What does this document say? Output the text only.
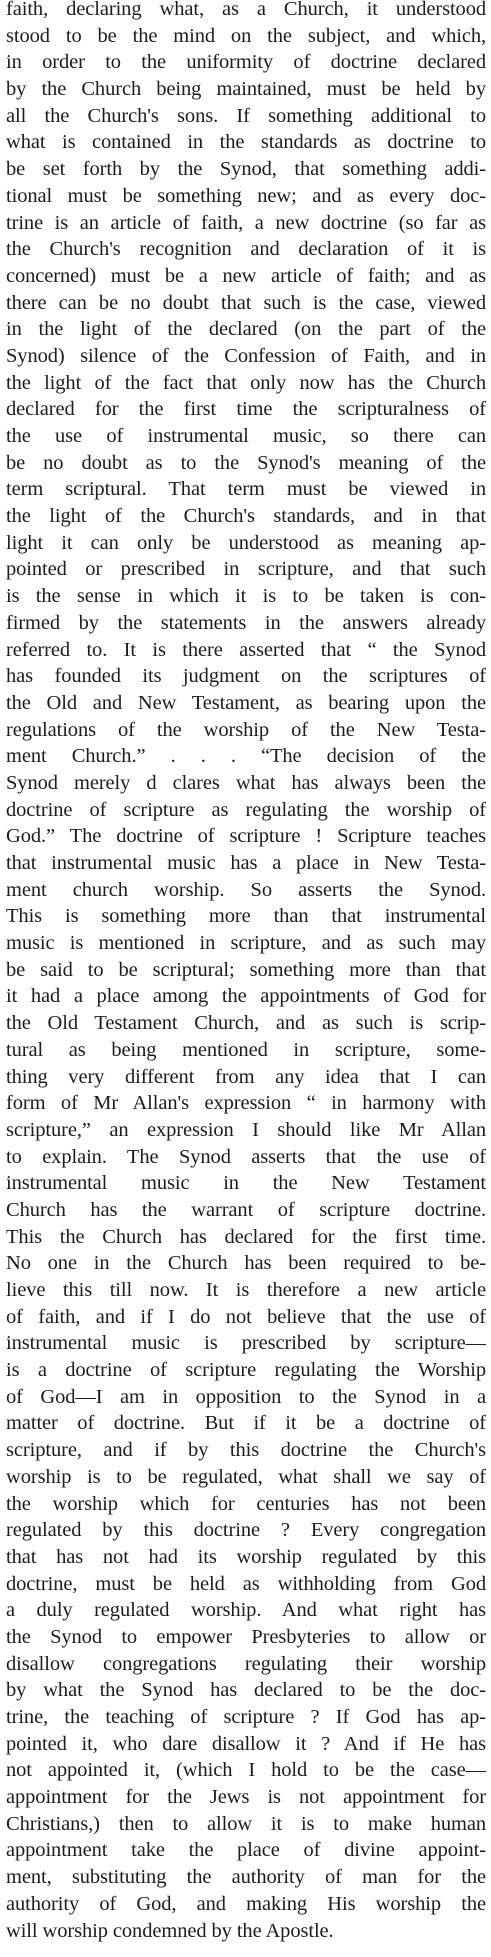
faith, declaring what, as a Church, it understood
stood to be the mind on the subject, and which,
in order to the uniformity of doctrine declared
by the Church being maintained, must be held by
all the Church's sons. If something additional to
what is contained in the standards as doctrine to
be set forth by the Synod, that something addi-
tional must be something new; and as every doc-
trine is an article of faith, a new doctrine (so far as
the Church's recognition and declaration of it is
concerned) must be a new article of faith; and as
there can be no doubt that such is the case, viewed
in the light of the declared (on the part of the
Synod) silence of the Confession of Faith, and in
the light of the fact that only now has the Church
declared for the first time the scripturalness of
the use of instrumental music, so there can
be no doubt as to the Synod's meaning of the
term scriptural. That term must be viewed in
the light of the Church's standards, and in that
light it can only be understood as meaning ap-
pointed or prescribed in scripture, and that such
is the sense in which it is to be taken is con-
firmed by the statements in the answers already
referred to. It is there asserted that “ the Synod
has founded its judgment on the scriptures of
the Old and New Testament, as bearing upon the
regulations of the worship of the New Testa-
ment Church.” . . . “The decision of the
Synod merely d clares what has always been the
doctrine of scripture as regulating the worship of
God.” The doctrine of scripture ! Scripture teaches
that instrumental music has a place in New Testa-
ment church worship. So asserts the Synod.
This is something more than that instrumental
music is mentioned in scripture, and as such may
be said to be scriptural; something more than that
it had a place among the appointments of God for
the Old Testament Church, and as such is scrip-
tural as being mentioned in scripture, some-
thing very different from any idea that I can
form of Mr Allan's expression “ in harmony with
scripture,” an expression I should like Mr Allan
to explain. The Synod asserts that the use of
instrumental music in the New Testament
Church has the warrant of scripture doctrine.
This the Church has declared for the first time.
No one in the Church has been required to be-
lieve this till now. It is therefore a new article
of faith, and if I do not believe that the use of
instrumental music is prescribed by scripture—
is a doctrine of scripture regulating the Worship
of God—I am in opposition to the Synod in a
matter of doctrine. But if it be a doctrine of
scripture, and if by this doctrine the Church's
worship is to be regulated, what shall we say of
the worship which for centuries has not been
regulated by this doctrine ? Every congregation
that has not had its worship regulated by this
doctrine, must be held as withholding from God
a duly regulated worship. And what right has
the Synod to empower Presbyteries to allow or
disallow congregations regulating their worship
by what the Synod has declared to be the doc-
trine, the teaching of scripture ? If God has ap-
pointed it, who dare disallow it ? And if He has
not appointed it, (which I hold to be the case—
appointment for the Jews is not appointment for
Christians,) then to allow it is to make human
appointment take the place of divine appoint-
ment, substituting the authority of man for the
authority of God, and making His worship the
will worship condemned by the Apostle.
